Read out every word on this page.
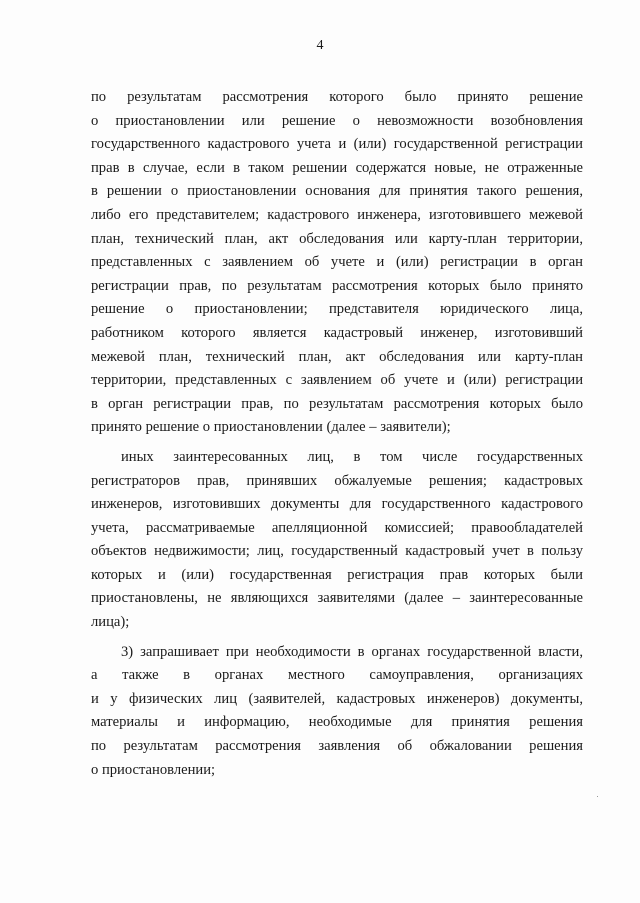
4
по результатам рассмотрения которого было принято решение
о приостановлении или решение о невозможности возобновления
государственного кадастрового учета и (или) государственной регистрации
прав в случае, если в таком решении содержатся новые, не отраженные
в решении о приостановлении основания для принятия такого решения,
либо его представителем; кадастрового инженера, изготовившего межевой
план, технический план, акт обследования или карту-план территории,
представленных с заявлением об учете и (или) регистрации в орган
регистрации прав, по результатам рассмотрения которых было принято
решение о приостановлении; представителя юридического лица,
работником которого является кадастровый инженер, изготовивший
межевой план, технический план, акт обследования или карту-план
территории, представленных с заявлением об учете и (или) регистрации
в орган регистрации прав, по результатам рассмотрения которых было
принято решение о приостановлении (далее – заявители);
иных заинтересованных лиц, в том числе государственных
регистраторов прав, принявших обжалуемые решения; кадастровых
инженеров, изготовивших документы для государственного кадастрового
учета, рассматриваемые апелляционной комиссией; правообладателей
объектов недвижимости; лиц, государственный кадастровый учет в пользу
которых и (или) государственная регистрация прав которых были
приостановлены, не являющихся заявителями (далее – заинтересованные
лица);
3) запрашивает при необходимости в органах государственной власти,
а также в органах местного самоуправления, организациях
и у физических лиц (заявителей, кадастровых инженеров) документы,
материалы и информацию, необходимые для принятия решения
по результатам рассмотрения заявления об обжаловании решения
о приостановлении;
